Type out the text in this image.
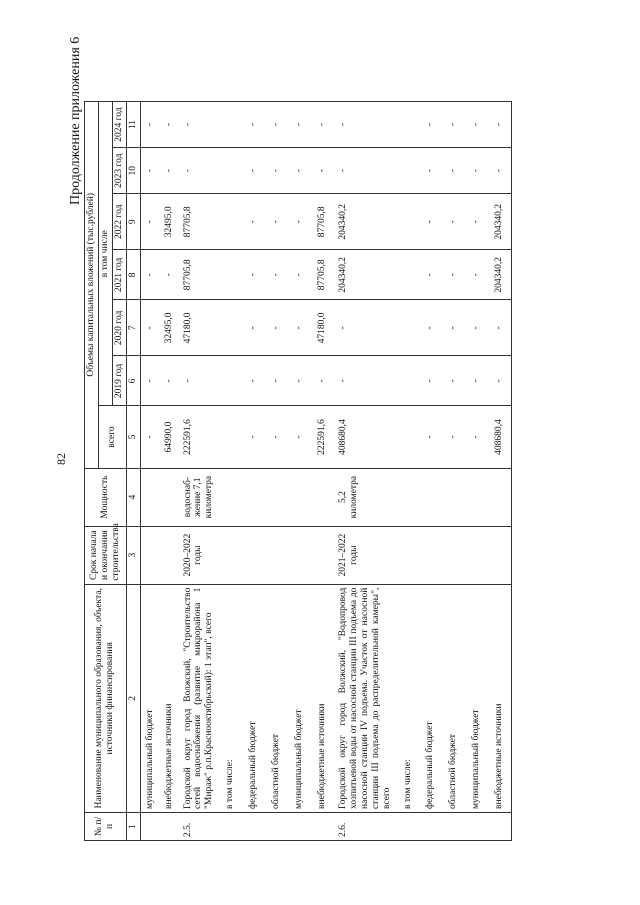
82
Продолжение приложения 6
№ п/п	Наименование муниципального образования, объекта, источники финансирования	Срок начала и окончания строительства	Мощность	Объемы капитальных вложений (тыс.рублей)						
				всего	в том числе					
					2019 год	2020 год	2021 год	2022 год	2023 год	2024 год
1	2	3	4	5	6	7	8	9	10	11
	муниципальный бюджет			-	-	-	-	-	-	-
	внебюджетные источники			64990,0	-	32495,0	-	32495,0	-	-
2.5.	Городской округ город Волжский, "Строительство сетей водоснабжения (развитие микрорайона 1 "Мираж" р.п.Краснооктябрьский): 1 этап", всего	2020–2022 годы	водоснаб-жение 7,1 километра	222591,6	-	47180,0	87705,8	87705,8	-	-
	в том числе:									
	федеральный бюджет			-	-	-	-	-	-	-
	областной бюджет			-	-	-	-	-	-	-
	муниципальный бюджет			-	-	-	-	-	-	-
	внебюджетные источники			222591,6	-	47180,0	87705,8	87705,8	-	-
2.6.	Городской округ город Волжский, "Водопровод хозпитьевой воды от насосной станции III подъема до насосной станции IV подъема. Участок от насосной станции III подъема до распределительной камеры", всего	2021–2022 годы	5,2 километра	408680,4	-	-	204340,2	204340,2	-	-
	в том числе:									
	федеральный бюджет			-	-	-	-	-	-	-
	областной бюджет			-	-	-	-	-	-	-
	муниципальный бюджет			-	-	-	-	-	-	-
	внебюджетные источники			408680,4	-	-	204340,2	204340,2	-	-
